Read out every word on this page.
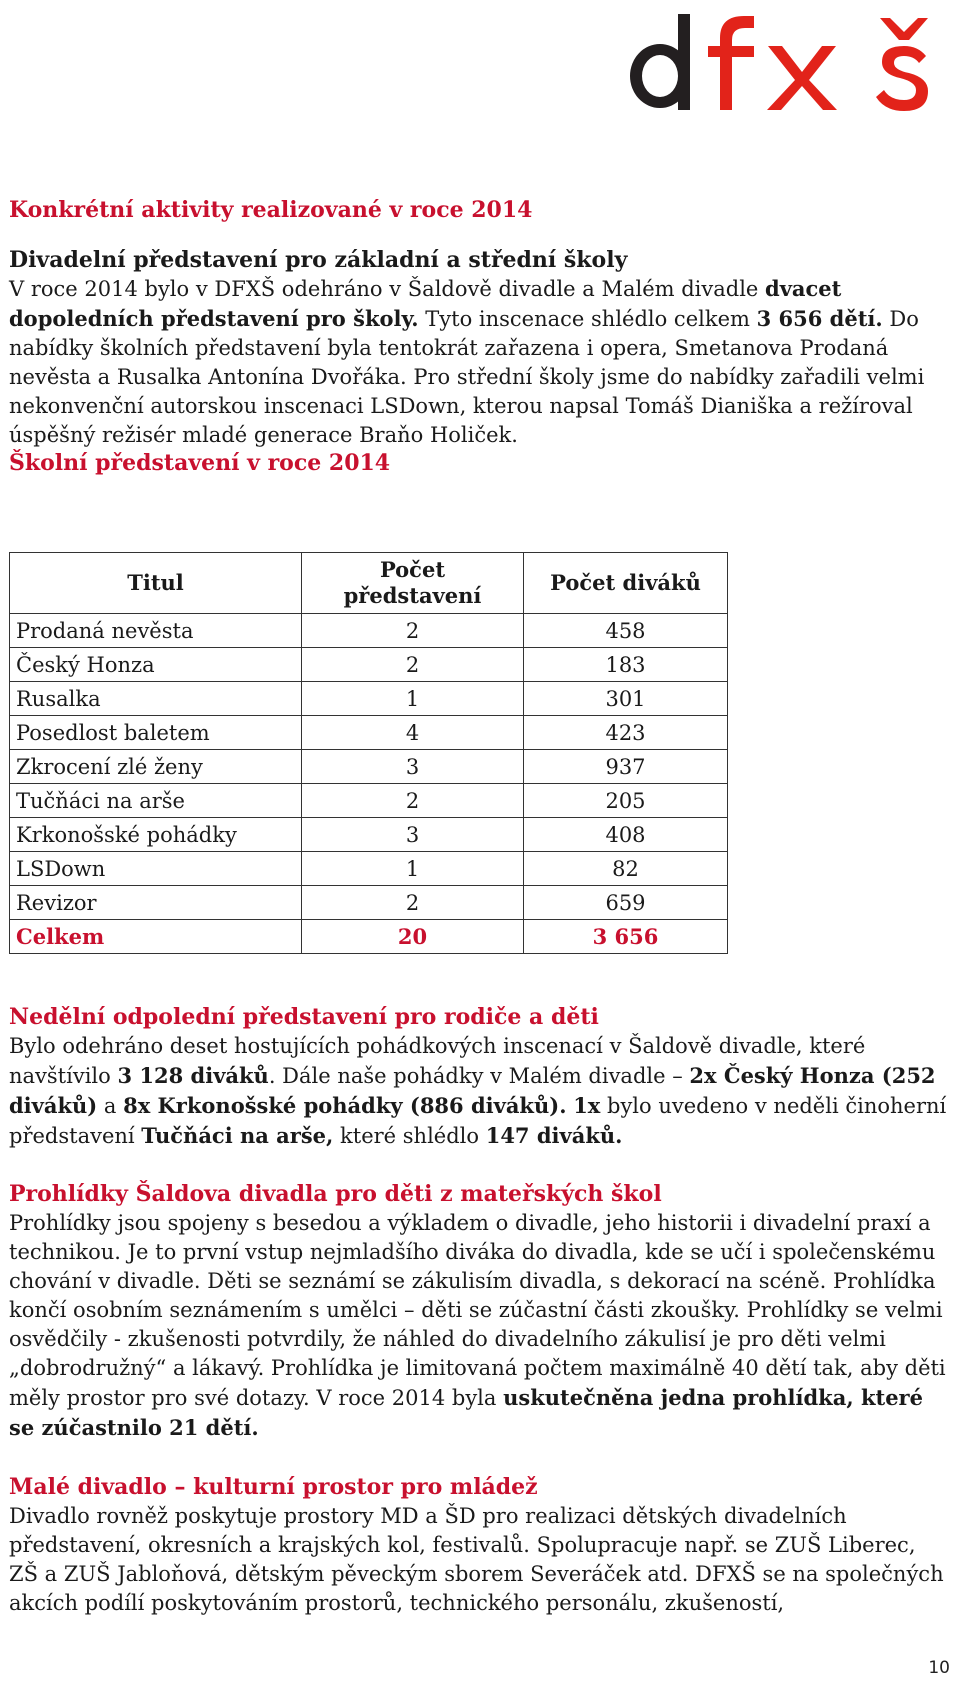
Konkrétní aktivity realizované v roce 2014
Divadelní představení pro základní a střední školy

V roce 2014 bylo v DFXŠ odehráno v Šaldově divadle a Malém divadle dvacet dopoledních představení pro školy. Tyto inscenace shlédlo celkem 3 656 dětí. Do nabídky školních představení byla tentokrát zařazena i opera, Smetanova Prodaná nevěsta a Rusalka Antonína Dvořáka. Pro střední školy jsme do nabídky zařadili velmi nekonvenční autorskou inscenaci LSDown, kterou napsal Tomáš Dianiška a režíroval úspěšný režisér mladé generace Braňo Holiček.

Školní představení v roce 2014
Titul	Počet představení	Počet diváků
Prodaná nevěsta	2	458
Český Honza	2	183
Rusalka	1	301
Posedlost baletem	4	423
Zkrocení zlé ženy	3	937
Tučňáci na arše	2	205
Krkonošské pohádky	3	408
LSDown	1	82
Revizor	2	659
Celkem	20	3 656
Nedělní odpolední představení pro rodiče a děti

Bylo odehráno deset hostujících pohádkových inscenací v Šaldově divadle, které navštívilo 3 128 diváků. Dále naše pohádky v Malém divadle – 2x Český Honza (252 diváků) a 8x Krkonošské pohádky (886 diváků). 1x bylo uvedeno v neděli činoherní představení Tučňáci na arše, které shlédlo 147 diváků.

Prohlídky Šaldova divadla pro děti z mateřských škol

Prohlídky jsou spojeny s besedou a výkladem o divadle, jeho historii i divadelní praxí a technikou. Je to první vstup nejmladšího diváka do divadla, kde se učí i společenskému chování v divadle. Děti se seznámí se zákulisím divadla, s dekorací na scéně. Prohlídka končí osobním seznámením s umělci – děti se zúčastní části zkoušky. Prohlídky se velmi osvědčily - zkušenosti potvrdily, že náhled do divadelního zákulisí je pro děti velmi „dobrodružný“ a lákavý. Prohlídka je limitovaná počtem maximálně 40 dětí tak, aby děti měly prostor pro své dotazy. V roce 2014 byla uskutečněna jedna prohlídka, které se zúčastnilo 21 dětí.

Malé divadlo – kulturní prostor pro mládež

Divadlo rovněž poskytuje prostory MD a ŠD pro realizaci dětských divadelních představení, okresních a krajských kol, festivalů. Spolupracuje např. se ZUŠ Liberec, ZŠ a ZUŠ Jabloňová, dětským pěveckým sborem Severáček atd. DFXŠ se na společných akcích podílí poskytováním prostorů, technického personálu, zkušeností,

10
